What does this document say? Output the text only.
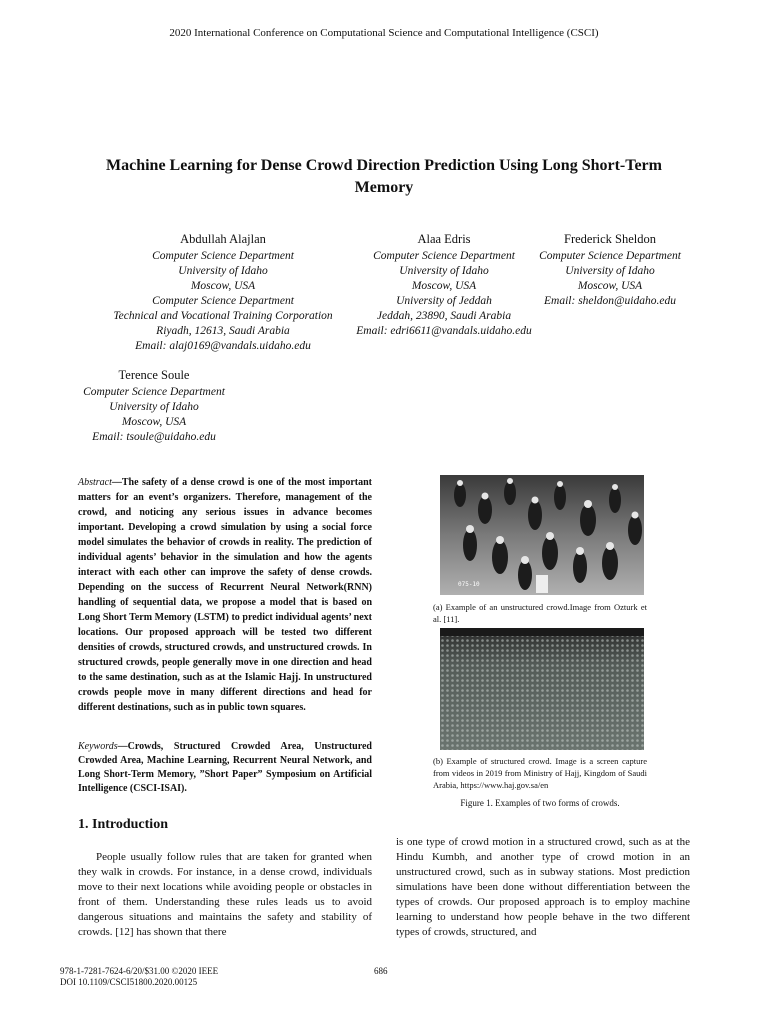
2020 International Conference on Computational Science and Computational Intelligence (CSCI)
Machine Learning for Dense Crowd Direction Prediction Using Long Short-Term
Memory
Abdullah Alajlan
Computer Science Department
University of Idaho
Moscow, USA
Computer Science Department
Technical and Vocational Training Corporation
Riyadh, 12613, Saudi Arabia
Email: alaj0169@vandals.uidaho.edu
Alaa Edris
Computer Science Department
University of Idaho
Moscow, USA
University of Jeddah
Jeddah, 23890, Saudi Arabia
Email: edri6611@vandals.uidaho.edu
Frederick Sheldon
Computer Science Department
University of Idaho
Moscow, USA
Email: sheldon@uidaho.edu
Terence Soule
Computer Science Department
University of Idaho
Moscow, USA
Email: tsoule@uidaho.edu
Abstract—The safety of a dense crowd is one of the most important matters for an event’s organizers. Therefore, management of the crowd, and noticing any serious issues in advance becomes important. Developing a crowd simulation by using a social force model simulates the behavior of crowds in reality. The prediction of individual agents’ behavior in the simulation and how the agents interact with each other can improve the safety of dense crowds. Depending on the success of Recurrent Neural Network(RNN) handling of sequential data, we propose a model that is based on Long Short Term Memory (LSTM) to predict individual agents’ next locations. Our proposed approach will be tested two different densities of crowds, structured crowds, and unstructured crowds. In structured crowds, people generally move in one direction and head to the same destination, such as at the Islamic Hajj. In unstructured crowds people move in many different directions and head for different destinations, such as in public town squares.
Keywords—Crowds, Structured Crowded Area, Unstructured Crowded Area, Machine Learning, Recurrent Neural Network, and Long Short-Term Memory, ”Short Paper” Symposium on Artificial Intelligence (CSCI-ISAI).
075-10
(a) Example of an unstructured crowd.Image from Ozturk et al. [11].
(b) Example of structured crowd. Image is a screen capture from videos in 2019 from Ministry of Hajj, Kingdom of Saudi Arabia, https://www.haj.gov.sa/en
Figure 1. Examples of two forms of crowds.
1. Introduction
People usually follow rules that are taken for granted when they walk in crowds. For instance, in a dense crowd, individuals move to their next locations while avoiding people or obstacles in front of them. Understanding these rules leads us to avoid dangerous situations and maintains the safety and stability of crowds. [12] has shown that there
is one type of crowd motion in a structured crowd, such as at the Hindu Kumbh, and another type of crowd motion in an unstructured crowd, such as in subway stations. Most prediction simulations have been done without differentiation between the types of crowds. Our proposed approach is to employ machine learning to understand how people behave in the two different types of crowds, structured, and
978-1-7281-7624-6/20/$31.00 ©2020 IEEE
DOI 10.1109/CSCI51800.2020.00125
686
